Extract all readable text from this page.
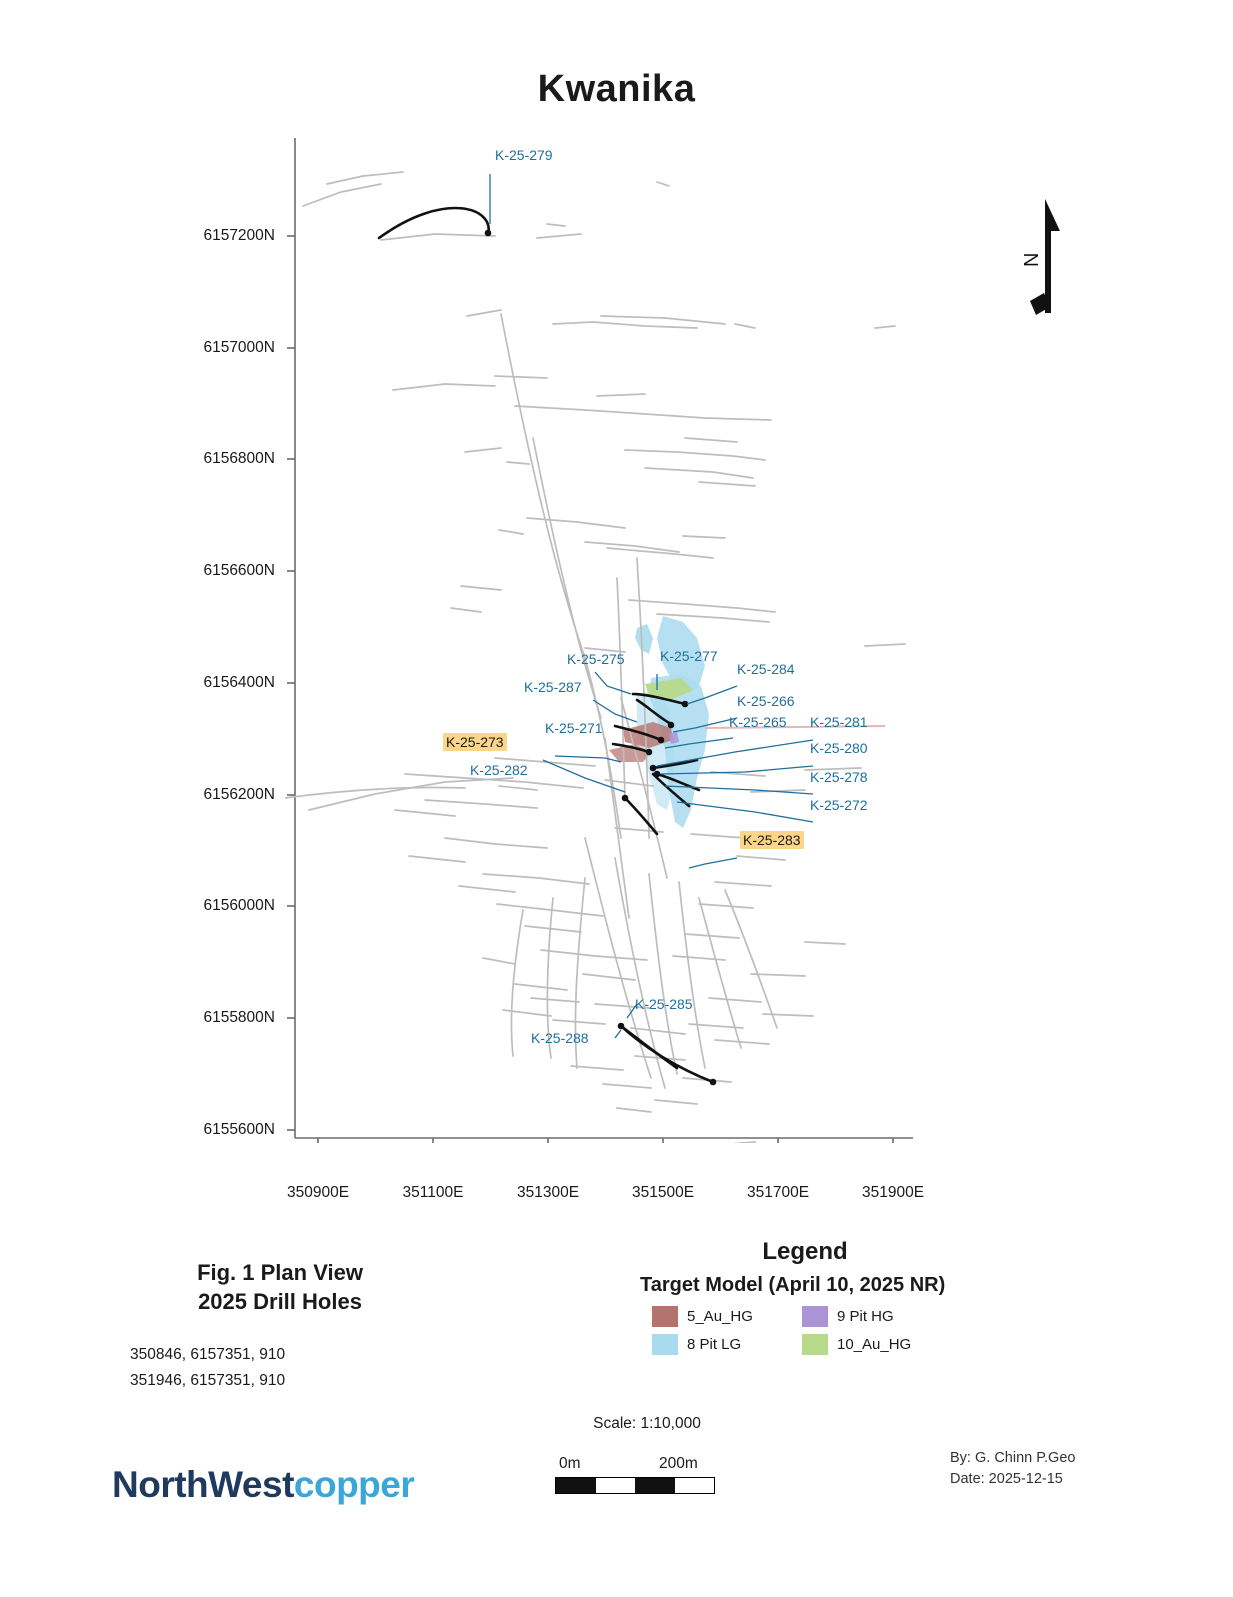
Kwanika
N
6157200N
6157000N
6156800N
6156600N
6156400N
6156200N
6156000N
6155800N
6155600N
350900E	351100E	351300E	351500E	351700E	351900E
K-25-279
K-25-275	K-25-277
K-25-284
K-25-287
K-25-266
K-25-265 K-25-281
K-25-271
K-25-280
K-25-273
K-25-282	K-25-278
K-25-272
K-25-283
K-25-285
K-25-288
Fig. 1 Plan View
2025 Drill Holes
350846, 6157351, 910
351946, 6157351, 910
Legend
Target Model (April 10, 2025 NR)
5_Au_HG	9 Pit HG
8 Pit LG	10_Au_HG
Scale: 1:10,000
0m	200m	By: G. Chinn P.Geo
Date: 2025-12-15
NorthWestcopper
